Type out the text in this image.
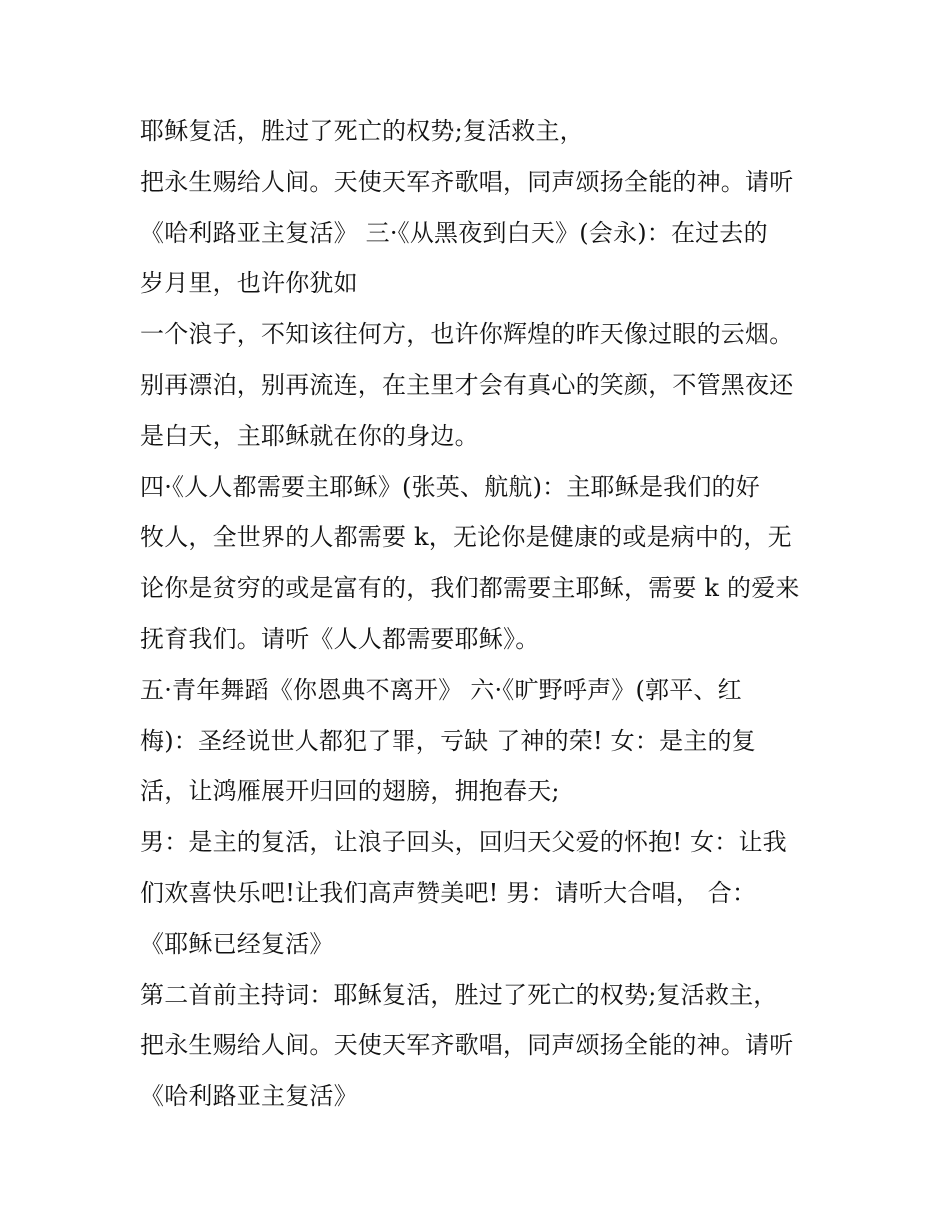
耶稣复活，胜过了死亡的权势;复活救主，
把永生赐给人间。天使天军齐歌唱，同声颂扬全能的神。请听
《哈利路亚主复活》 三·《从黑夜到白天》(会永)：在过去的
岁月里，也许你犹如
一个浪子，不知该往何方，也许你辉煌的昨天像过眼的云烟。
别再漂泊，别再流连，在主里才会有真心的笑颜，不管黑夜还
是白天，主耶稣就在你的身边。
四·《人人都需要主耶稣》(张英、航航)：主耶稣是我们的好
牧人，全世界的人都需要 k，无论你是健康的或是病中的，无
论你是贫穷的或是富有的，我们都需要主耶稣，需要 k 的爱来
抚育我们。请听《人人都需要耶稣》。
五·青年舞蹈《你恩典不离开》 六·《旷野呼声》(郭平、红
梅)：圣经说世人都犯了罪，亏缺 了神的荣! 女：是主的复
活，让鸿雁展开归回的翅膀，拥抱春天;
男：是主的复活，让浪子回头，回归天父爱的怀抱! 女：让我
们欢喜快乐吧!让我们高声赞美吧! 男：请听大合唱， 合：
《耶稣已经复活》
第二首前主持词：耶稣复活，胜过了死亡的权势;复活救主，
把永生赐给人间。天使天军齐歌唱，同声颂扬全能的神。请听
《哈利路亚主复活》
